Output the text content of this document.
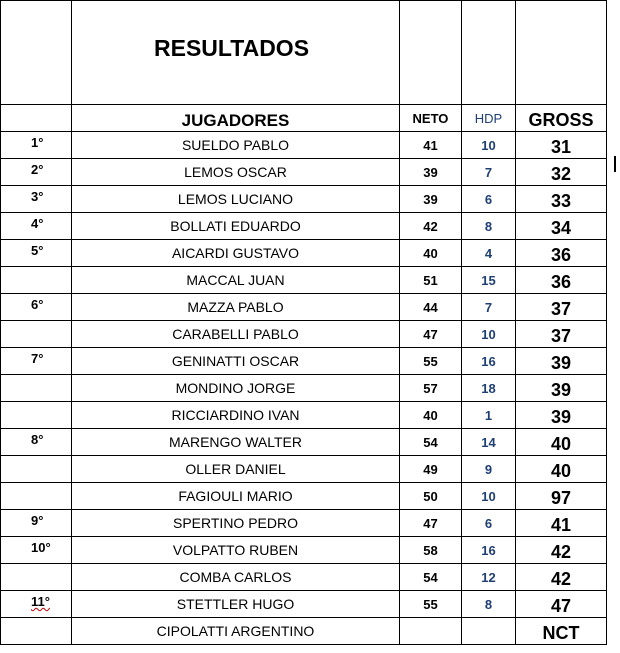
	RESULTADOS			

	JUGADORES	NETO	HDP	GROSS
1°	SUELDO PABLO	41	10	31
2°	LEMOS OSCAR	39	7	32
3°	LEMOS LUCIANO	39	6	33
4°	BOLLATI EDUARDO	42	8	34
5°	AICARDI GUSTAVO	40	4	36
	MACCAL JUAN	51	15	36
6°	MAZZA PABLO	44	7	37
	CARABELLI PABLO	47	10	37
7°	GENINATTI OSCAR	55	16	39
	MONDINO JORGE	57	18	39
	RICCIARDINO IVAN	40	1	39
8°	MARENGO WALTER	54	14	40
	OLLER DANIEL	49	9	40
	FAGIOULI MARIO	50	10	97
9°	SPERTINO PEDRO	47	6	41
10°	VOLPATTO RUBEN	58	16	42
	COMBA CARLOS	54	12	42
11°	STETTLER HUGO	55	8	47
	CIPOLATTI ARGENTINO			NCT
